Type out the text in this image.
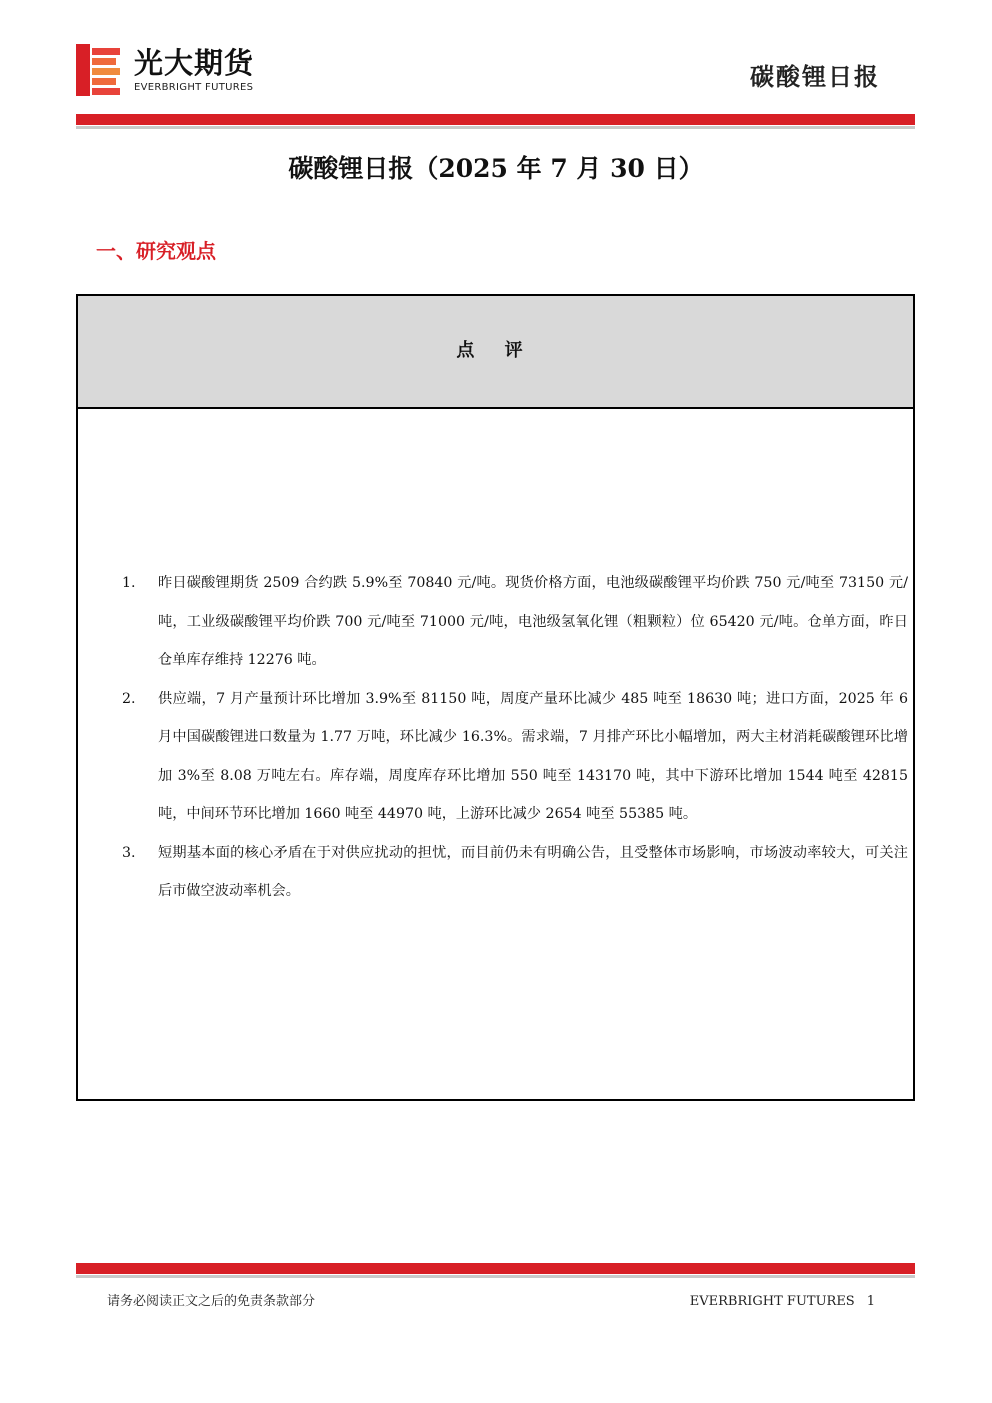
光大期货
EVERBRIGHT FUTURES	碳酸锂日报
碳酸锂日报（2025 年 7 月 30 日）
一、研究观点
点 评
1. 昨日碳酸锂期货 2509 合约跌 5.9%至 70840 元/吨。现货价格方面，电池级碳酸锂平均价跌 750 元/吨至 73150 元/吨，工业级碳酸锂平均价跌 700 元/吨至 71000 元/吨，电池级氢氧化锂（粗颗粒）位 65420 元/吨。仓单方面，昨日仓单库存维持 12276 吨。
2. 供应端，7 月产量预计环比增加 3.9%至 81150 吨，周度产量环比减少 485 吨至 18630 吨；进口方面，2025 年 6 月中国碳酸锂进口数量为 1.77 万吨，环比减少 16.3%。需求端，7 月排产环比小幅增加，两大主材消耗碳酸锂环比增加 3%至 8.08 万吨左右。库存端，周度库存环比增加 550 吨至 143170 吨，其中下游环比增加 1544 吨至 42815 吨，中间环节环比增加 1660 吨至 44970 吨，上游环比减少 2654 吨至 55385 吨。
3. 短期基本面的核心矛盾在于对供应扰动的担忧，而目前仍未有明确公告，且受整体市场影响，市场波动率较大，可关注后市做空波动率机会。
请务必阅读正文之后的免责条款部分	EVERBRIGHT FUTURES 1
